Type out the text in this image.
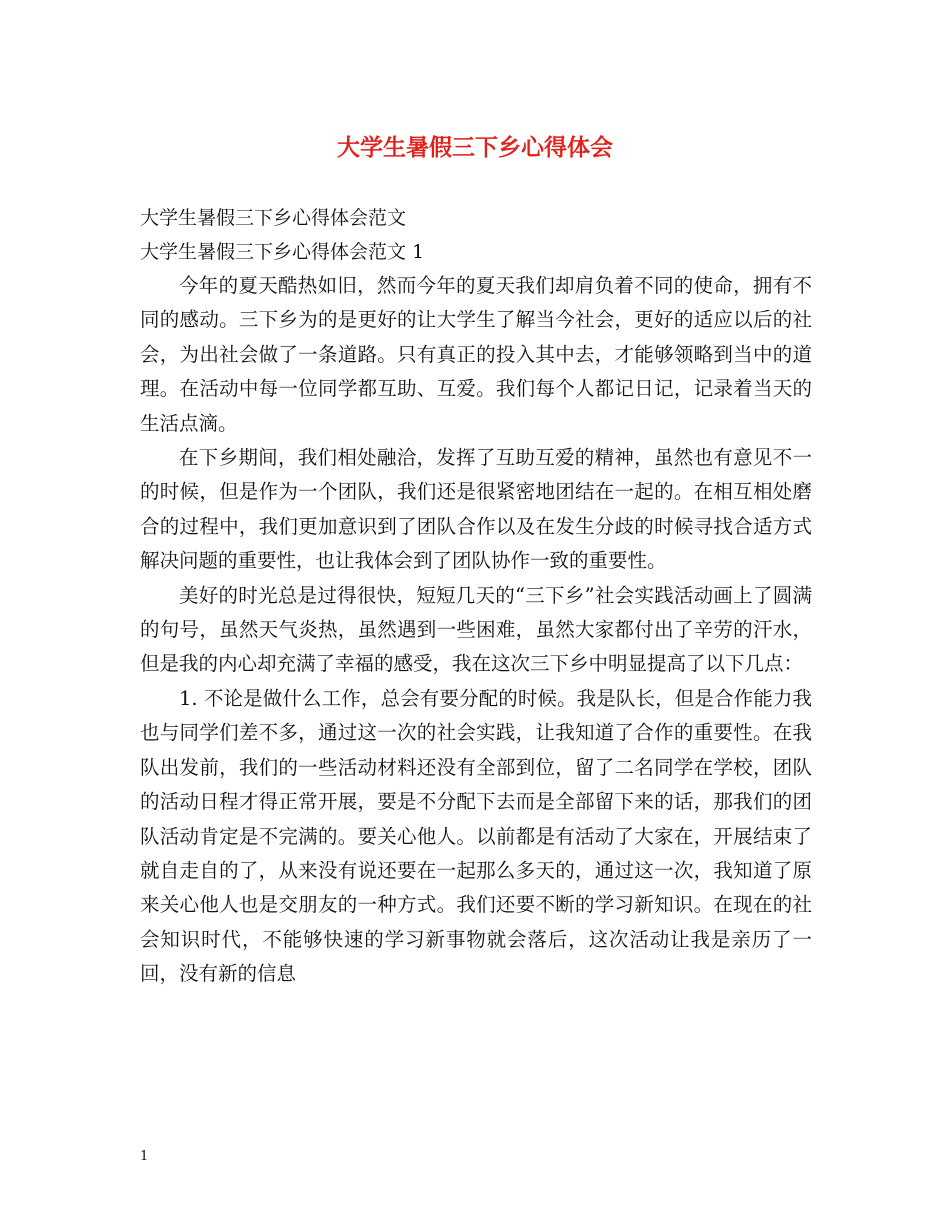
大学生暑假三下乡心得体会

大学生暑假三下乡心得体会范文

大学生暑假三下乡心得体会范文 1

今年的夏天酷热如旧，然而今年的夏天我们却肩负着不同的使命，拥有不同的感动。三下乡为的是更好的让大学生了解当今社会，更好的适应以后的社会，为出社会做了一条道路。只有真正的投入其中去，才能够领略到当中的道理。在活动中每一位同学都互助、互爱。我们每个人都记日记，记录着当天的生活点滴。

在下乡期间，我们相处融洽，发挥了互助互爱的精神，虽然也有意见不一的时候，但是作为一个团队，我们还是很紧密地团结在一起的。在相互相处磨合的过程中，我们更加意识到了团队合作以及在发生分歧的时候寻找合适方式解决问题的重要性，也让我体会到了团队协作一致的重要性。

美好的时光总是过得很快，短短几天的“三下乡”社会实践活动画上了圆满的句号，虽然天气炎热，虽然遇到一些困难，虽然大家都付出了辛劳的汗水，但是我的内心却充满了幸福的感受，我在这次三下乡中明显提高了以下几点：

1. 不论是做什么工作，总会有要分配的时候。我是队长，但是合作能力我也与同学们差不多，通过这一次的社会实践，让我知道了合作的重要性。在我队出发前，我们的一些活动材料还没有全部到位，留了二名同学在学校，团队的活动日程才得正常开展，要是不分配下去而是全部留下来的话，那我们的团队活动肯定是不完满的。要关心他人。以前都是有活动了大家在，开展结束了就自走自的了，从来没有说还要在一起那么多天的，通过这一次，我知道了原来关心他人也是交朋友的一种方式。我们还要不断的学习新知识。在现在的社会知识时代，不能够快速的学习新事物就会落后，这次活动让我是亲历了一回，没有新的信息

1
